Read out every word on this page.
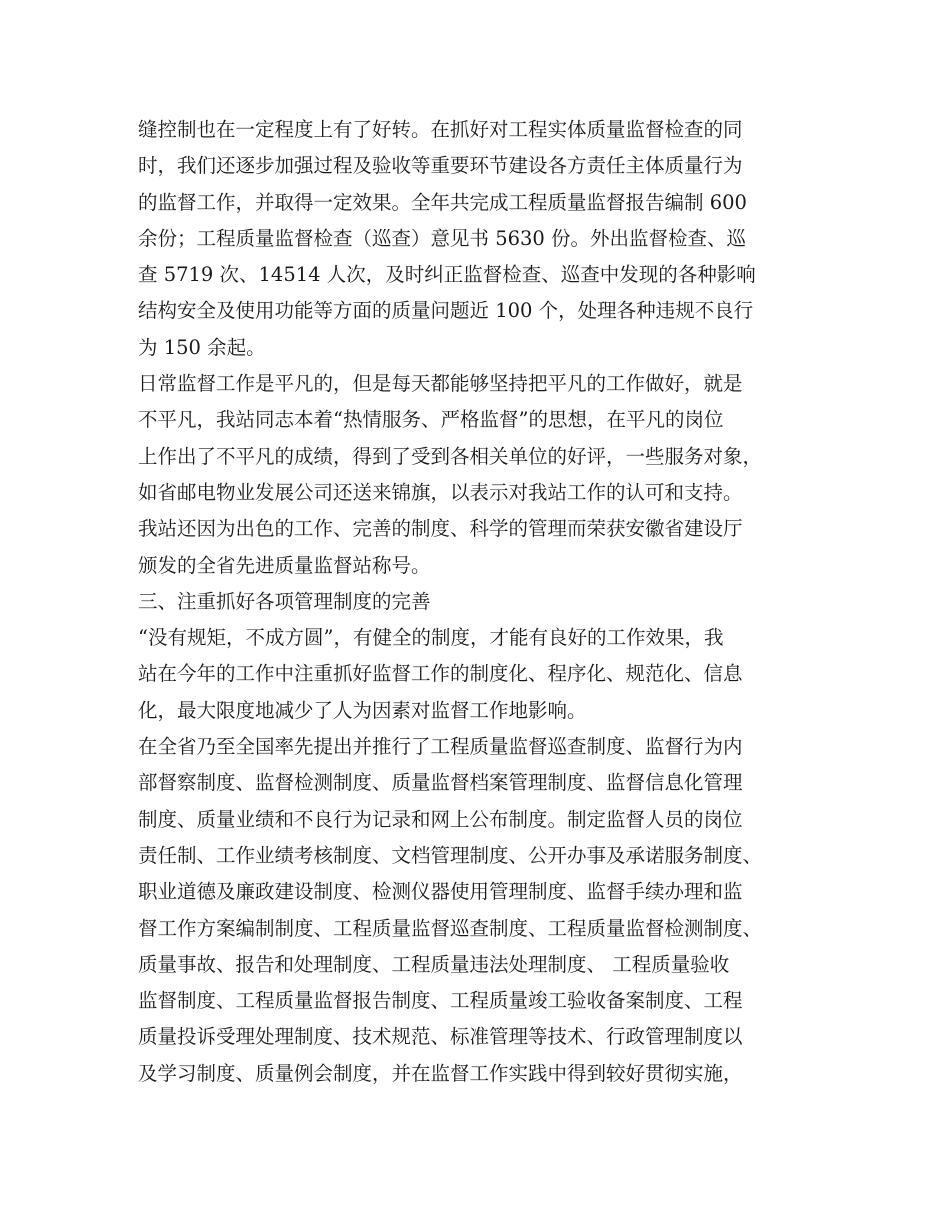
缝控制也在一定程度上有了好转。在抓好对工程实体质量监督检查的同
时，我们还逐步加强过程及验收等重要环节建设各方责任主体质量行为
的监督工作，并取得一定效果。全年共完成工程质量监督报告编制 600
余份；工程质量监督检查（巡查）意见书 5630 份。外出监督检查、巡
查 5719 次、14514 人次，及时纠正监督检查、巡查中发现的各种影响
结构安全及使用功能等方面的质量问题近 100 个，处理各种违规不良行
为 150 余起。
日常监督工作是平凡的，但是每天都能够坚持把平凡的工作做好，就是
不平凡，我站同志本着“热情服务、严格监督”的思想，在平凡的岗位
上作出了不平凡的成绩，得到了受到各相关单位的好评，一些服务对象，
如省邮电物业发展公司还送来锦旗，以表示对我站工作的认可和支持。
我站还因为出色的工作、完善的制度、科学的管理而荣获安徽省建设厅
颁发的全省先进质量监督站称号。
三、注重抓好各项管理制度的完善
“没有规矩，不成方圆”，有健全的制度，才能有良好的工作效果，我
站在今年的工作中注重抓好监督工作的制度化、程序化、规范化、信息
化，最大限度地减少了人为因素对监督工作地影响。
在全省乃至全国率先提出并推行了工程质量监督巡查制度、监督行为内
部督察制度、监督检测制度、质量监督档案管理制度、监督信息化管理
制度、质量业绩和不良行为记录和网上公布制度。制定监督人员的岗位
责任制、工作业绩考核制度、文档管理制度、公开办事及承诺服务制度、
职业道德及廉政建设制度、检测仪器使用管理制度、监督手续办理和监
督工作方案编制制度、工程质量监督巡查制度、工程质量监督检测制度、
质量事故、报告和处理制度、工程质量违法处理制度、 工程质量验收
监督制度、工程质量监督报告制度、工程质量竣工验收备案制度、工程
质量投诉受理处理制度、技术规范、标准管理等技术、行政管理制度以
及学习制度、质量例会制度，并在监督工作实践中得到较好贯彻实施，
